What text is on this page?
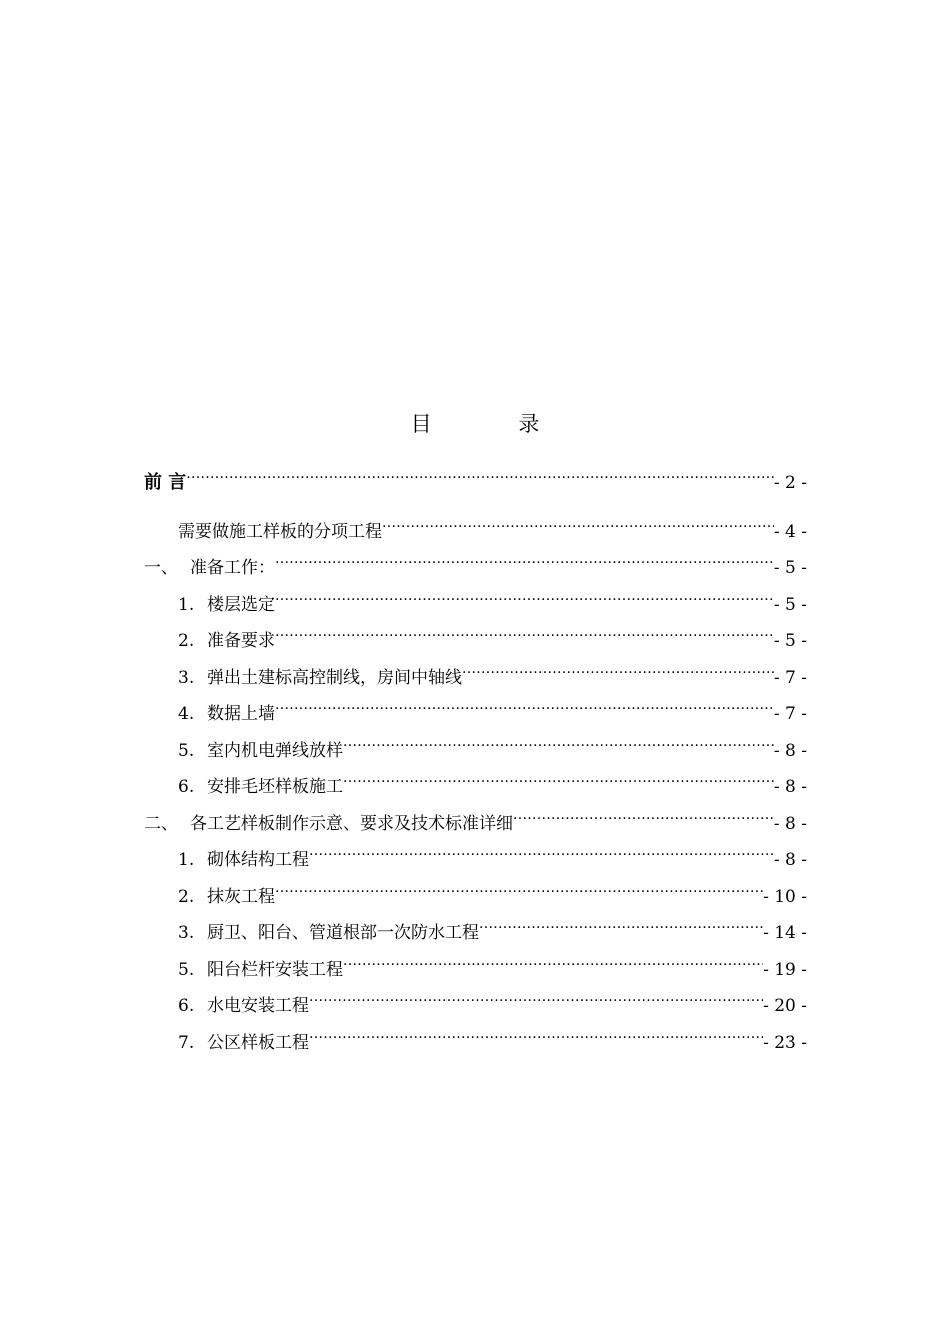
目 录
前 言 .....	- 2 -
需要做施工样板的分项工程 .....	- 4 -
一、 准备工作： .....	- 5 -
1. 楼层选定 .....	- 5 -
2. 准备要求 .....	- 5 -
3. 弹出土建标高控制线，房间中轴线 .....	- 7 -
4. 数据上墙 .....	- 7 -
5. 室内机电弹线放样 .....	- 8 -
6. 安排毛坯样板施工 .....	- 8 -
二、 各工艺样板制作示意、要求及技术标准详细 .....	- 8 -
1. 砌体结构工程 .....	- 8 -
2. 抹灰工程 .....	- 10 -
3. 厨卫、阳台、管道根部一次防水工程 .....	- 14 -
5. 阳台栏杆安装工程 .....	- 19 -
6. 水电安装工程 .....	- 20 -
7. 公区样板工程 .....	- 23 -
